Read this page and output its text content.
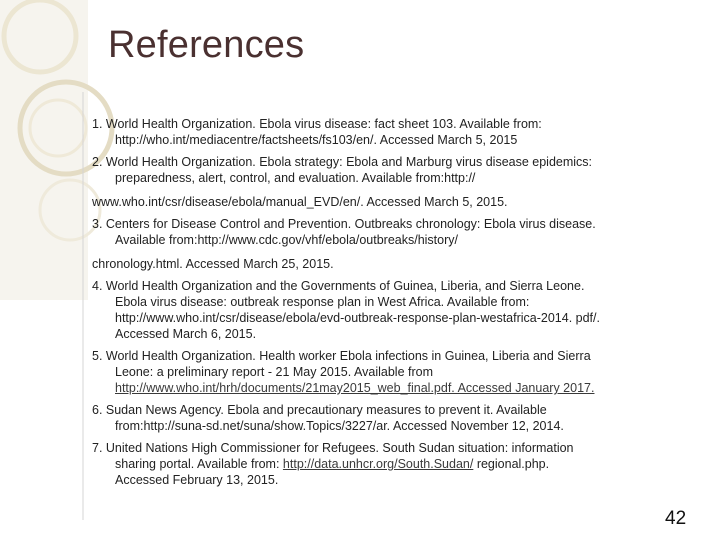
References
1. World Health Organization. Ebola virus disease: fact sheet 103. Available from:
http://who.int/mediacentre/factsheets/fs103/en/. Accessed March 5, 2015
2. World Health Organization. Ebola strategy: Ebola and Marburg virus disease epidemics:
preparedness, alert, control, and evaluation. Available from:http://
www.who.int/csr/disease/ebola/manual_EVD/en/. Accessed March 5, 2015.
3. Centers for Disease Control and Prevention. Outbreaks chronology: Ebola virus disease.
Available from:http://www.cdc.gov/vhf/ebola/outbreaks/history/
chronology.html. Accessed March 25, 2015.
4. World Health Organization and the Governments of Guinea, Liberia, and Sierra Leone.
Ebola virus disease: outbreak response plan in West Africa. Available from:
http://www.who.int/csr/disease/ebola/evd-outbreak-response-plan-westafrica-2014. pdf/.
Accessed March 6, 2015.
5. World Health Organization. Health worker Ebola infections in Guinea, Liberia and Sierra
Leone: a preliminary report - 21 May 2015. Available from
http://www.who.int/hrh/documents/21may2015_web_final.pdf. Accessed January 2017.
6. Sudan News Agency. Ebola and precautionary measures to prevent it. Available
from:http://suna-sd.net/suna/show.Topics/3227/ar. Accessed November 12, 2014.
7. United Nations High Commissioner for Refugees. South Sudan situation: information
sharing portal. Available from: http://data.unhcr.org/South.Sudan/ regional.php.
Accessed February 13, 2015.
42
